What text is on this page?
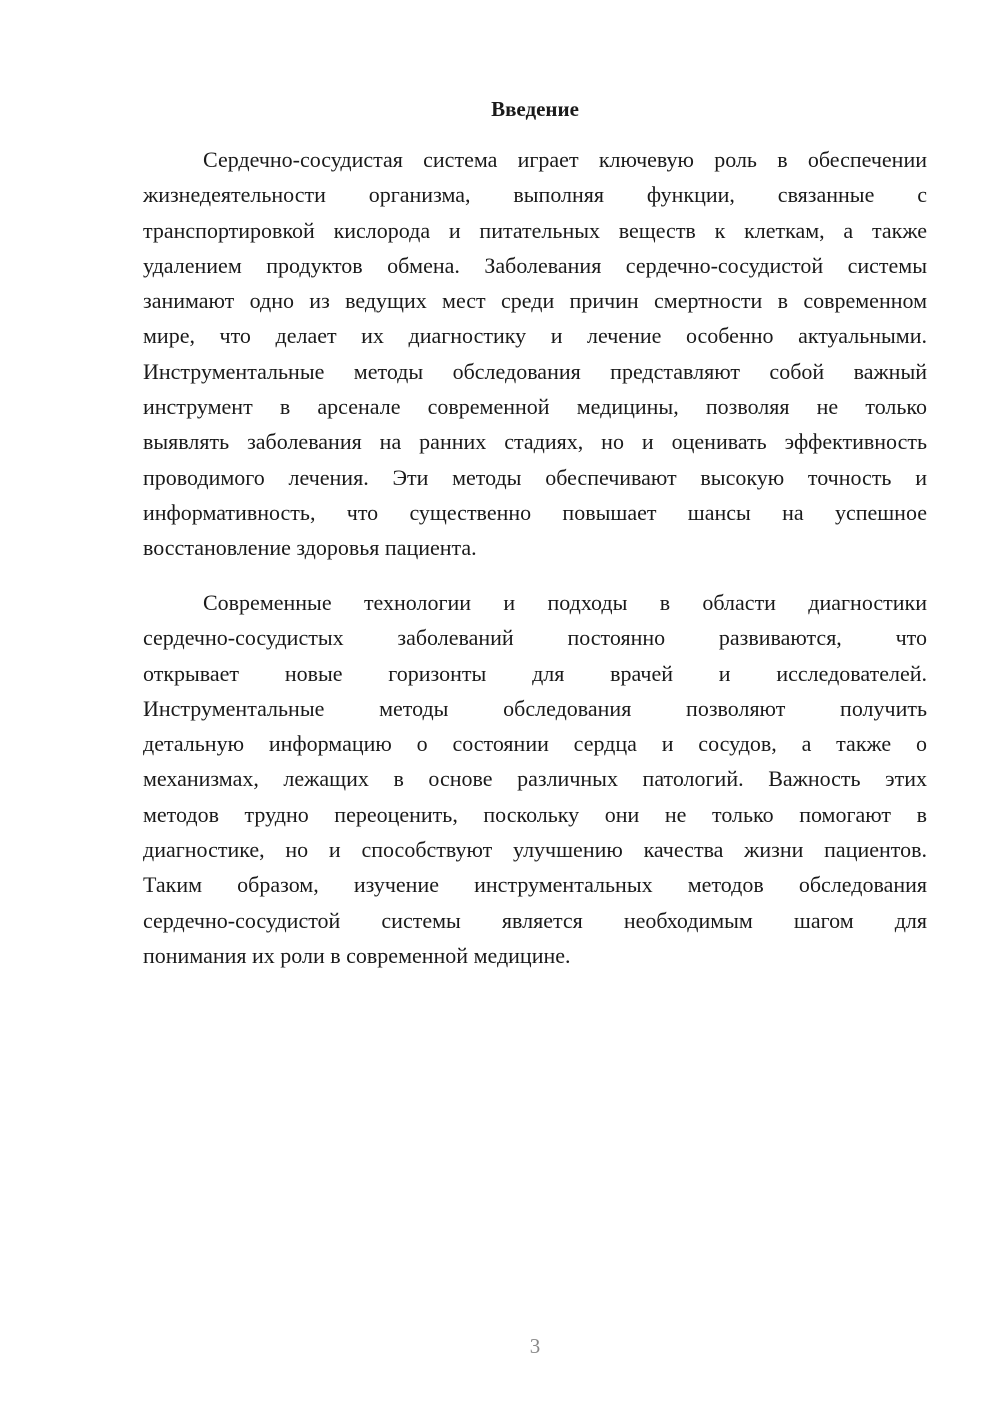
Введение
Сердечно-сосудистая система играет ключевую роль в обеспечении
жизнедеятельности организма, выполняя функции, связанные с
транспортировкой кислорода и питательных веществ к клеткам, а также
удалением продуктов обмена. Заболевания сердечно-сосудистой системы
занимают одно из ведущих мест среди причин смертности в современном
мире, что делает их диагностику и лечение особенно актуальными.
Инструментальные методы обследования представляют собой важный
инструмент в арсенале современной медицины, позволяя не только
выявлять заболевания на ранних стадиях, но и оценивать эффективность
проводимого лечения. Эти методы обеспечивают высокую точность и
информативность, что существенно повышает шансы на успешное
восстановление здоровья пациента.
Современные технологии и подходы в области диагностики
сердечно-сосудистых заболеваний постоянно развиваются, что
открывает новые горизонты для врачей и исследователей.
Инструментальные методы обследования позволяют получить
детальную информацию о состоянии сердца и сосудов, а также о
механизмах, лежащих в основе различных патологий. Важность этих
методов трудно переоценить, поскольку они не только помогают в
диагностике, но и способствуют улучшению качества жизни пациентов.
Таким образом, изучение инструментальных методов обследования
сердечно-сосудистой системы является необходимым шагом для
понимания их роли в современной медицине.
3
